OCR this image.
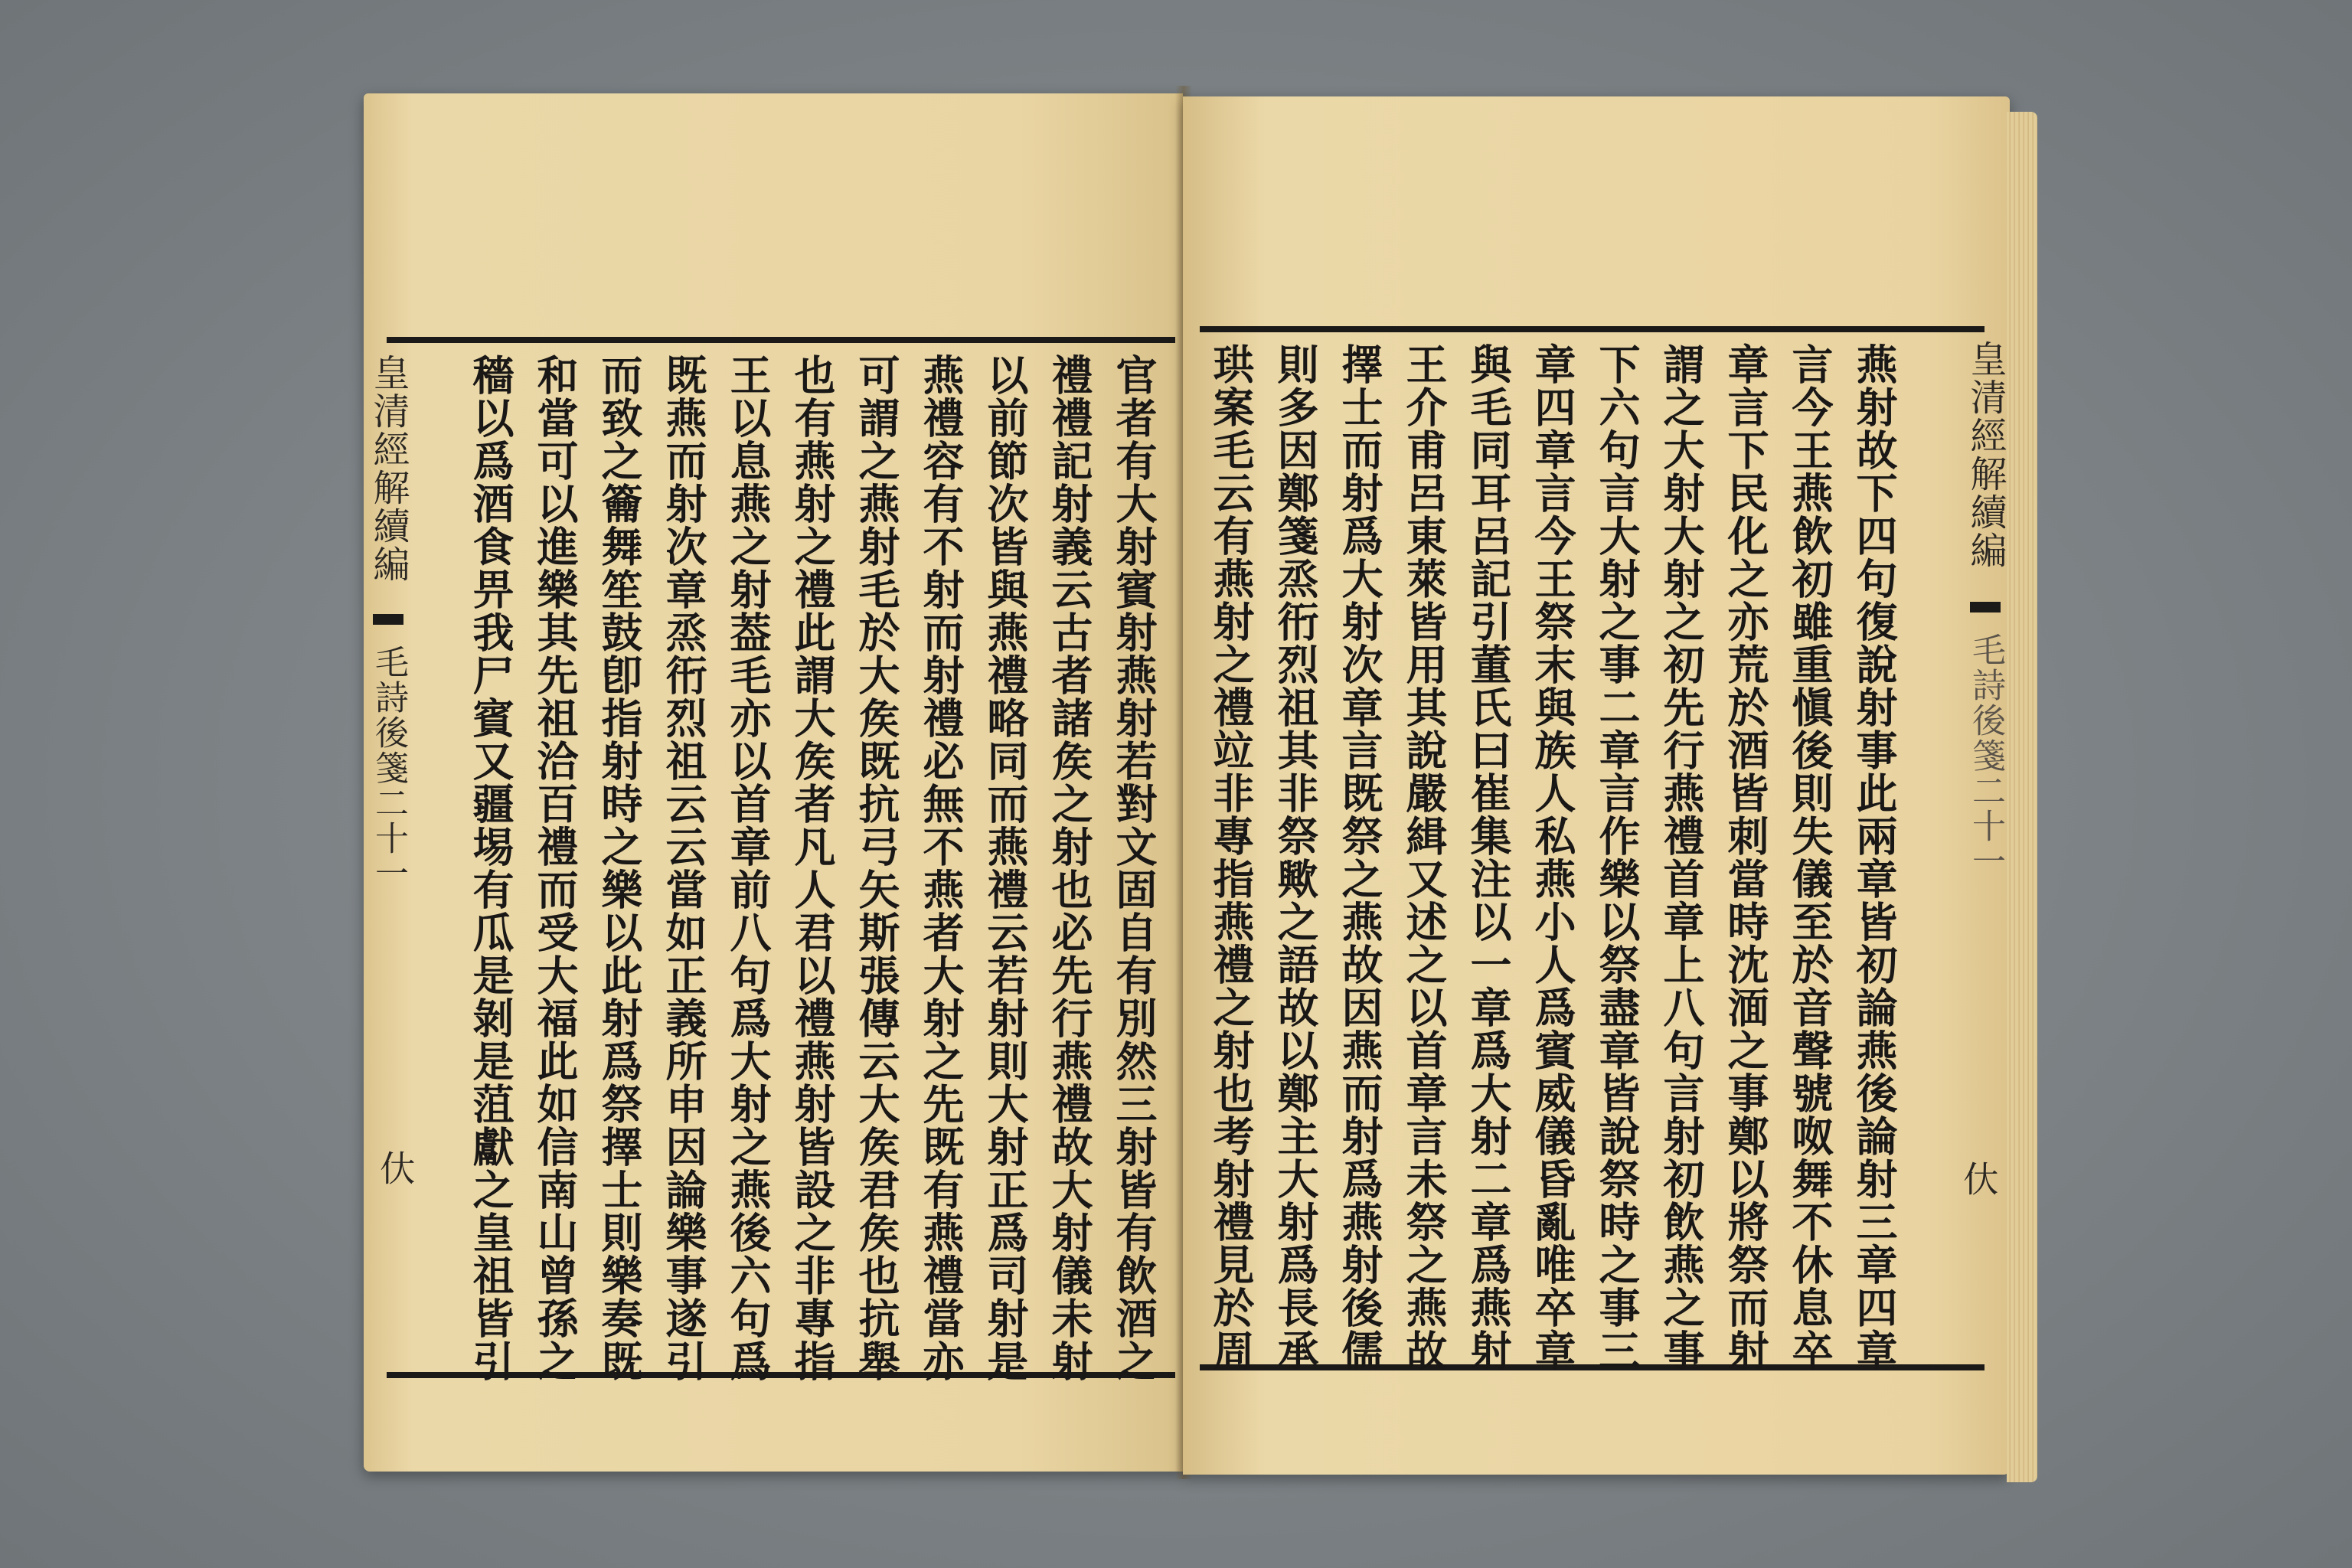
官者有大射賓射燕射若對文固自有別然三射皆有飲酒之
禮禮記射義云古者諸矦之射也必先行燕禮故大射儀未射
以前節次皆與燕禮略同而燕禮云若射則大射正爲司射是
燕禮容有不射而射禮必無不燕者大射之先既有燕禮當亦
可謂之燕射毛於大矦既抗弓矢斯張傳云大矦君矦也抗舉
也有燕射之禮此謂大矦者凡人君以禮燕射皆設之非專指
王以息燕之射葢毛亦以首章前八句爲大射之燕後六句爲
既燕而射次章烝衎烈祖云云當如正義所申因論樂事遂引
而致之籥舞笙鼓卽指射時之樂以此射爲祭擇士則樂奏既
和當可以進樂其先祖洽百禮而受大福此如信南山曾孫之
穡以爲酒食畀我尸賓又疆埸有瓜是剝是菹獻之皇祖皆引
皇清經解續編
毛詩後箋二十一
㐲	燕射故下四句復說射事此兩章皆初論燕後論射三章四章
言今王燕飲初雖重愼後則失儀至於音聲號呶舞不休息卒
章言下民化之亦荒於酒皆刺當時沈湎之事鄭以將祭而射
謂之大射大射之初先行燕禮首章上八句言射初飲燕之事
下六句言大射之事二章言作樂以祭盡章皆說祭時之事三
章四章言今王祭末與族人私燕小人爲賓威儀昏亂唯卒章
與毛同耳呂記引董氏曰崔集注以一章爲大射二章爲燕射
王介甫呂東萊皆用其說嚴緝又述之以首章言未祭之燕故
擇士而射爲大射次章言既祭之燕故因燕而射爲燕射後儒
則多因鄭箋烝衎烈祖其非祭歟之語故以鄭主大射爲長承
珙案毛云有燕射之禮竝非專指燕禮之射也考射禮見於周	皇清經解續編
毛詩後箋二十一
㐲
